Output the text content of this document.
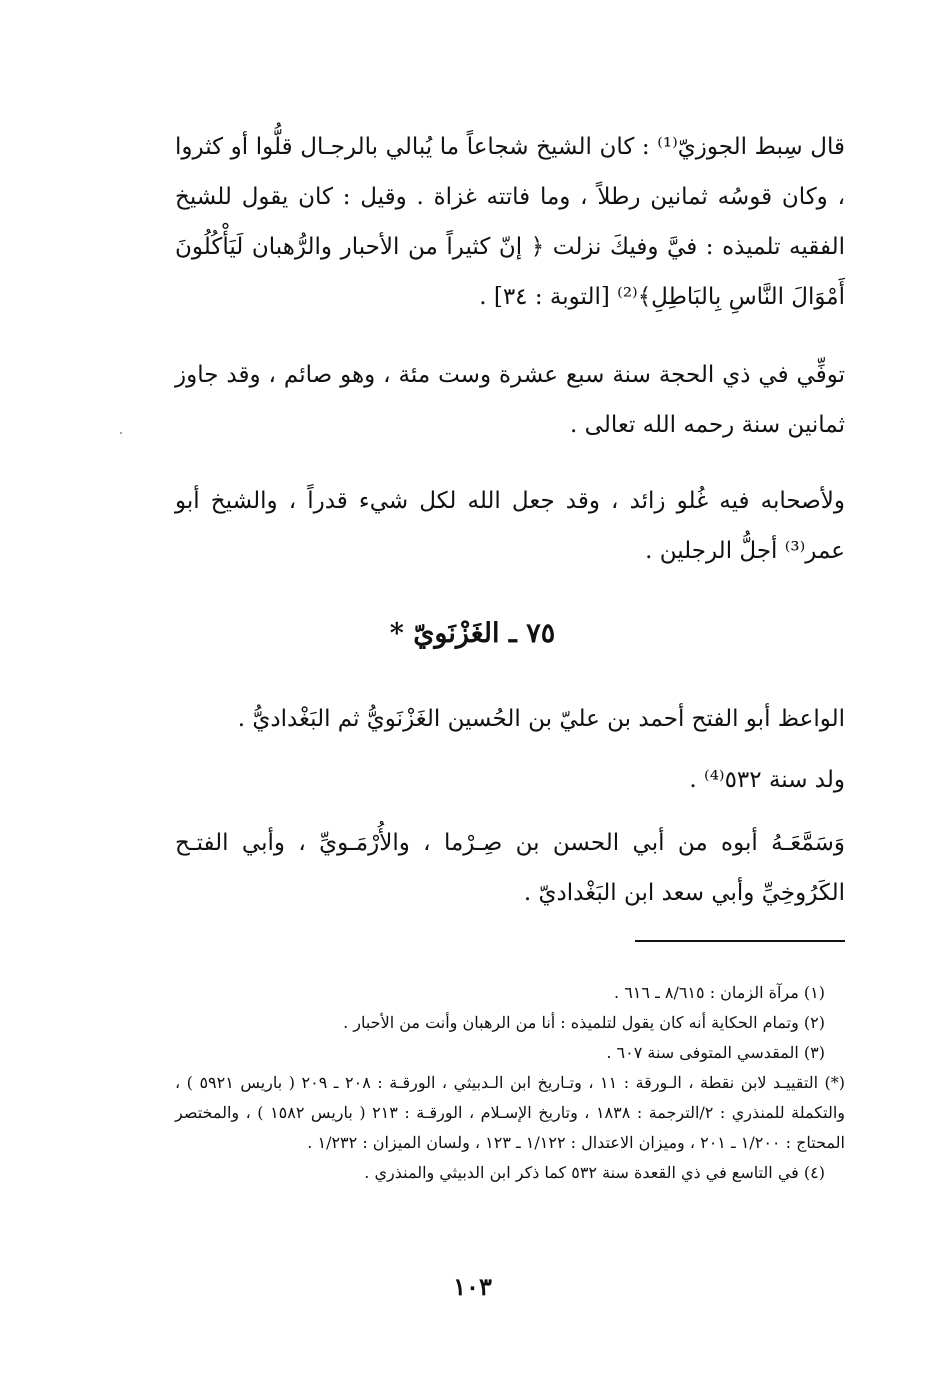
قال سِبط الجوزيّ⁽¹⁾ : كان الشيخ شجاعاً ما يُبالي بالرجـال قلُّوا أو كثروا ، وكان قوسُه ثمانين رطلاً ، وما فاتته غزاة . وقيل : كان يقول للشيخ الفقيه تلميذه : فيَّ وفيكَ نزلت ﴿ إنّ كثيراً من الأحبار والرُّهبان لَيَأْكُلُونَ أَمْوَالَ النَّاسِ بِالبَاطِلِ﴾⁽²⁾ [التوبة : ٣٤] .

توفِّي في ذي الحجة سنة سبع عشرة وست مئة ، وهو صائم ، وقد جاوز ثمانين سنة رحمه الله تعالى .

ولأصحابه فيه غُلو زائد ، وقد جعل الله لكل شيء قدراً ، والشيخ أبو عمر⁽³⁾ أجلُّ الرجلين .

٧٥ ـ الغَزْنَويّ *

الواعظ أبو الفتح أحمد بن عليّ بن الحُسين الغَزْنَويُّ ثم البَغْداديُّ .

ولد سنة ٥٣٢⁽⁴⁾ .

وَسَمَّعَـهُ أبوه من أبي الحسن بن صِـرْما ، والأُرْمَـويِّ ، وأبي الفتـح الكَرُوخِيِّ وأبي سعد ابن البَغْداديّ .

(١) مرآة الزمان : ٨/٦١٥ ـ ٦١٦ .

(٢) وتمام الحكاية أنه كان يقول لتلميذه : أنا من الرهبان وأنت من الأحبار .

(٣) المقدسي المتوفى سنة ٦٠٧ .

(*) التقييـد لابن نقطة ، الـورقة : ١١ ، وتـاريخ ابن الـدبيثي ، الورقـة : ٢٠٨ ـ ٢٠٩ ( باريس ٥٩٢١ ) ، والتكملة للمنذري : ٢/الترجمة : ١٨٣٨ ، وتاريخ الإسـلام ، الورقـة : ٢١٣ ( باريس ١٥٨٢ ) ، والمختصر المحتاج : ١/٢٠٠ ـ ٢٠١ ، وميزان الاعتدال : ١/١٢٢ ـ ١٢٣ ، ولسان الميزان : ١/٢٣٢ .

(٤) في التاسع في ذي القعدة سنة ٥٣٢ كما ذكر ابن الدبيثي والمنذري .

١٠٣
